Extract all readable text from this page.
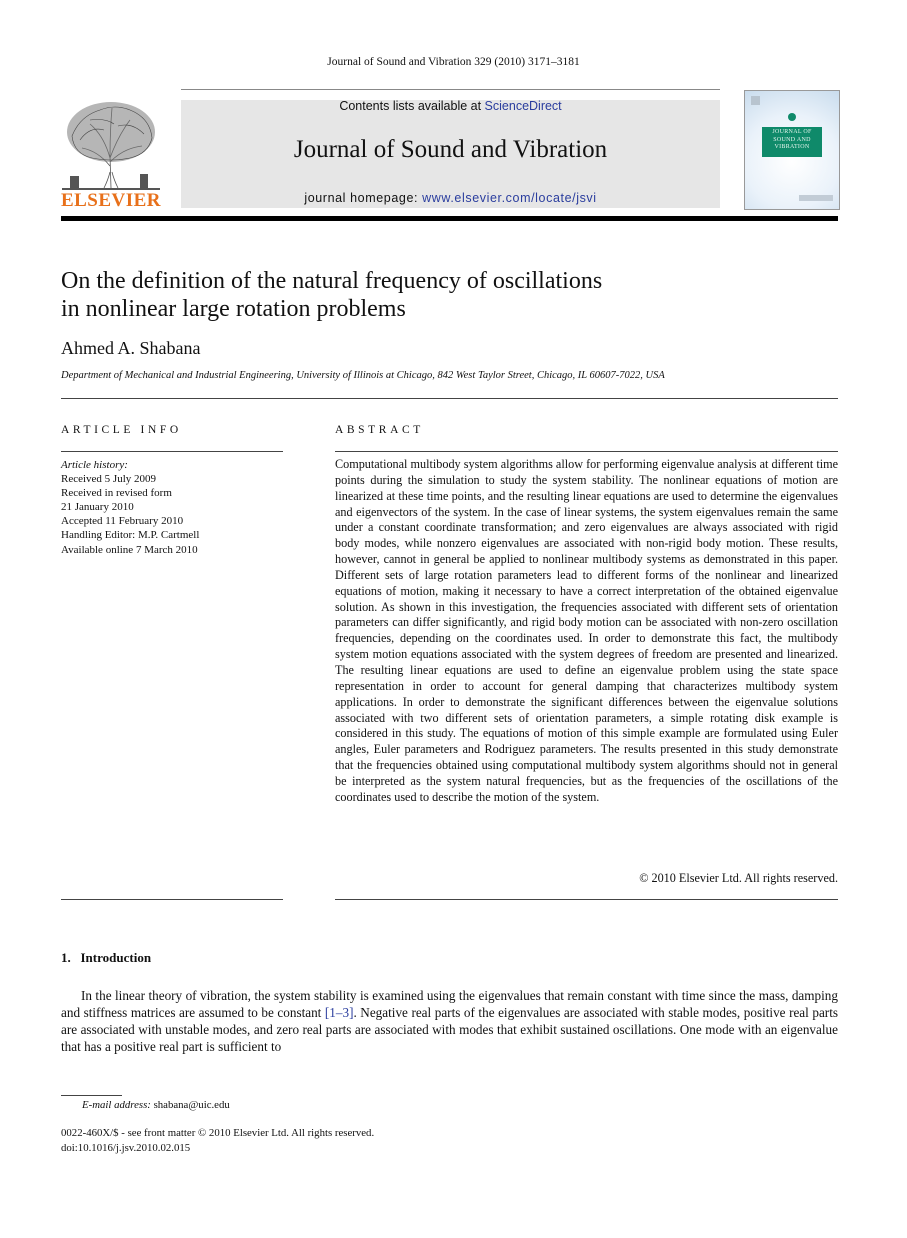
Journal of Sound and Vibration 329 (2010) 3171–3181
ELSEVIER
Contents lists available at ScienceDirect
Journal of Sound and Vibration
journal homepage: www.elsevier.com/locate/jsvi
JOURNAL OF SOUND AND VIBRATION
On the definition of the natural frequency of oscillations
in nonlinear large rotation problems
Ahmed A. Shabana
Department of Mechanical and Industrial Engineering, University of Illinois at Chicago, 842 West Taylor Street, Chicago, IL 60607-7022, USA
ARTICLE INFO	ABSTRACT
Article history:
Received 5 July 2009
Received in revised form
21 January 2010
Accepted 11 February 2010
Handling Editor: M.P. Cartmell
Available online 7 March 2010
Computational multibody system algorithms allow for performing eigenvalue analysis at different time points during the simulation to study the system stability. The nonlinear equations of motion are linearized at these time points, and the resulting linear equations are used to determine the eigenvalues and eigenvectors of the system. In the case of linear systems, the system eigenvalues remain the same under a constant coordinate transformation; and zero eigenvalues are always associated with rigid body modes, while nonzero eigenvalues are associated with non-rigid body motion. These results, however, cannot in general be applied to nonlinear multibody systems as demonstrated in this paper. Different sets of large rotation parameters lead to different forms of the nonlinear and linearized equations of motion, making it necessary to have a correct interpretation of the obtained eigenvalue solution. As shown in this investigation, the frequencies associated with different sets of orientation parameters can differ significantly, and rigid body motion can be associated with non-zero oscillation frequencies, depending on the coordinates used. In order to demonstrate this fact, the multibody system motion equations associated with the system degrees of freedom are presented and linearized. The resulting linear equations are used to define an eigenvalue problem using the state space representation in order to account for general damping that characterizes multibody system applications. In order to demonstrate the significant differences between the eigenvalue solutions associated with two different sets of orientation parameters, a simple rotating disk example is considered in this study. The equations of motion of this simple example are formulated using Euler angles, Euler parameters and Rodriguez parameters. The results presented in this study demonstrate that the frequencies obtained using computational multibody system algorithms should not in general be interpreted as the system natural frequencies, but as the frequencies of the oscillations of the coordinates used to describe the motion of the system.
© 2010 Elsevier Ltd. All rights reserved.
1.   Introduction
In the linear theory of vibration, the system stability is examined using the eigenvalues that remain constant with time since the mass, damping and stiffness matrices are assumed to be constant [1–3]. Negative real parts of the eigenvalues are associated with stable modes, positive real parts are associated with unstable modes, and zero real parts are associated with modes that exhibit sustained oscillations. One mode with an eigenvalue that has a positive real part is sufficient to
E-mail address: shabana@uic.edu
0022-460X/$ - see front matter © 2010 Elsevier Ltd. All rights reserved.
doi:10.1016/j.jsv.2010.02.015
